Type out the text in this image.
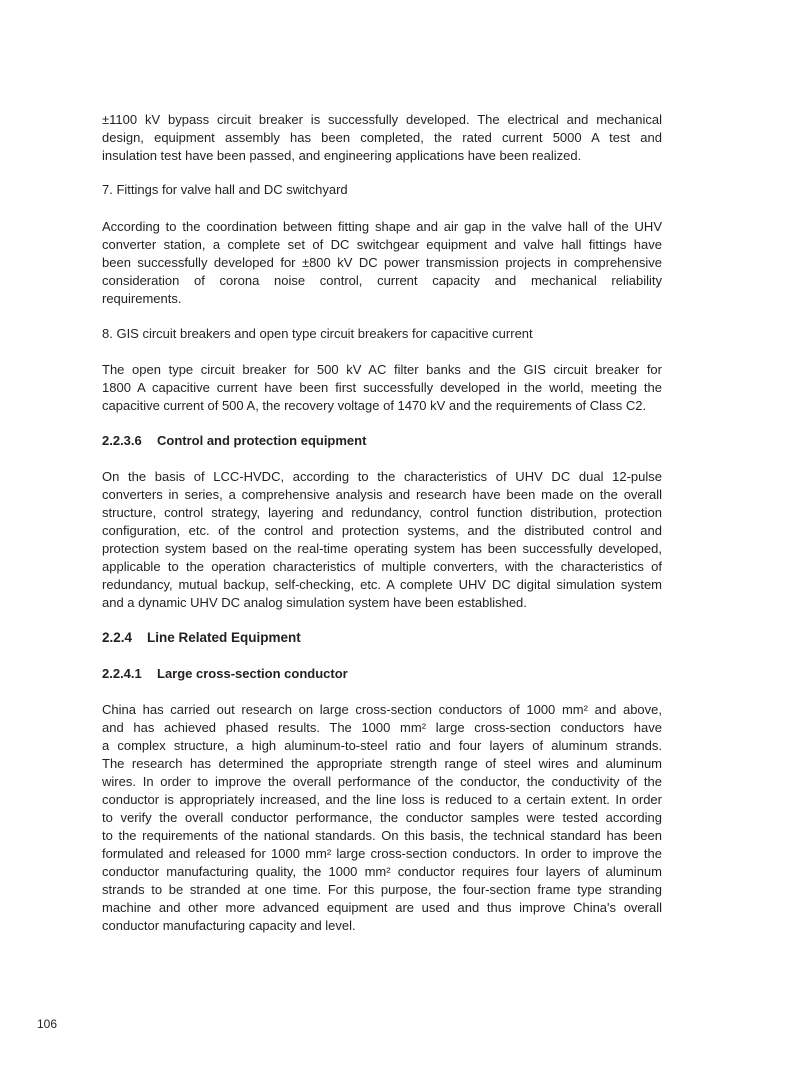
±1100 kV bypass circuit breaker is successfully developed. The electrical and mechanical
design, equipment assembly has been completed, the rated current 5000 A test and
insulation test have been passed, and engineering applications have been realized.
7. Fittings for valve hall and DC switchyard
According to the coordination between fitting shape and air gap in the valve hall of the UHV
converter station, a complete set of DC switchgear equipment and valve hall fittings have
been successfully developed for ±800 kV DC power transmission projects in comprehensive
consideration of corona noise control, current capacity and mechanical reliability
requirements.
8. GIS circuit breakers and open type circuit breakers for capacitive current
The open type circuit breaker for 500 kV AC filter banks and the GIS circuit breaker for
1800 A capacitive current have been first successfully developed in the world, meeting the
capacitive current of 500 A, the recovery voltage of 1470 kV and the requirements of Class C2.
2.2.3.6 Control and protection equipment
On the basis of LCC-HVDC, according to the characteristics of UHV DC dual 12-pulse
converters in series, a comprehensive analysis and research have been made on the overall
structure, control strategy, layering and redundancy, control function distribution, protection
configuration, etc. of the control and protection systems, and the distributed control and
protection system based on the real-time operating system has been successfully developed,
applicable to the operation characteristics of multiple converters, with the characteristics of
redundancy, mutual backup, self-checking, etc. A complete UHV DC digital simulation system
and a dynamic UHV DC analog simulation system have been established.
2.2.4 Line Related Equipment
2.2.4.1 Large cross-section conductor
China has carried out research on large cross-section conductors of 1000 mm² and above,
and has achieved phased results. The 1000 mm² large cross-section conductors have
a complex structure, a high aluminum-to-steel ratio and four layers of aluminum strands.
The research has determined the appropriate strength range of steel wires and aluminum
wires. In order to improve the overall performance of the conductor, the conductivity of the
conductor is appropriately increased, and the line loss is reduced to a certain extent. In order
to verify the overall conductor performance, the conductor samples were tested according
to the requirements of the national standards. On this basis, the technical standard has been
formulated and released for 1000 mm² large cross-section conductors. In order to improve the
conductor manufacturing quality, the 1000 mm² conductor requires four layers of aluminum
strands to be stranded at one time. For this purpose, the four-section frame type stranding
machine and other more advanced equipment are used and thus improve China's overall
conductor manufacturing capacity and level.
106
